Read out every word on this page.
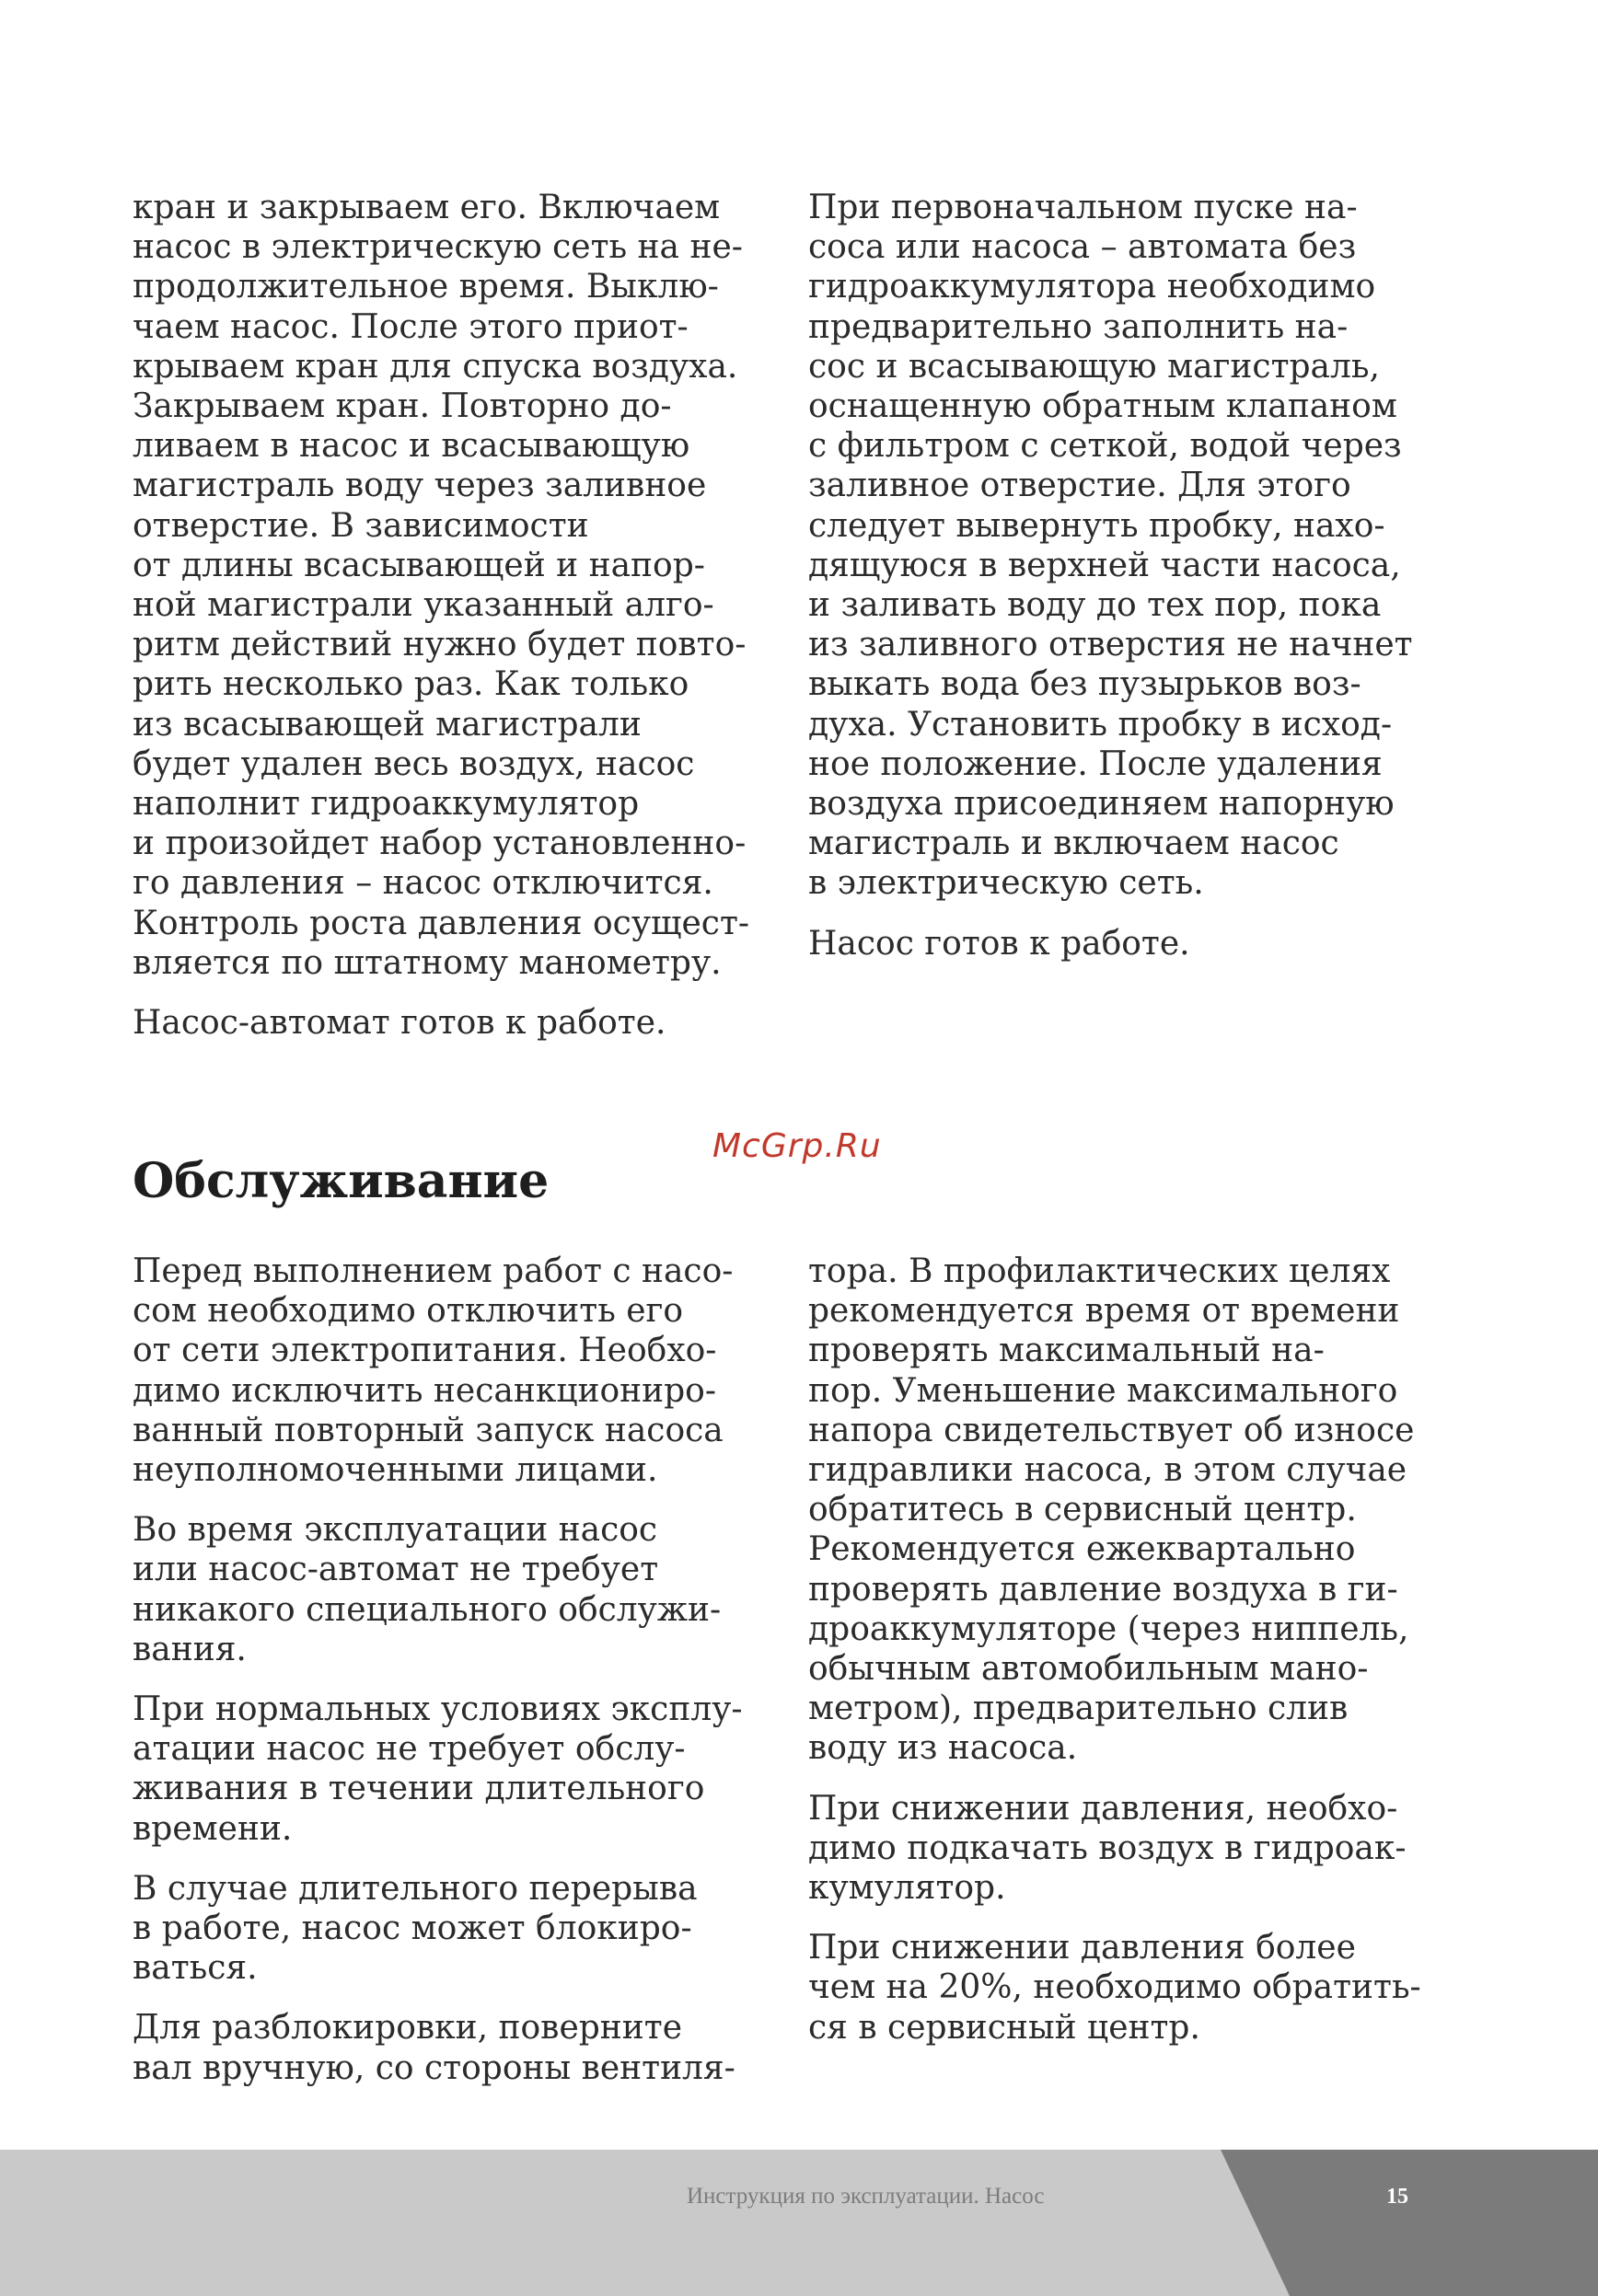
кран и закрываем его. Включаем
насос в электрическую сеть на не-
продолжительное время. Выклю-
чаем насос. После этого приот-
крываем кран для спуска воздуха.
Закрываем кран. Повторно до-
ливаем в насос и всасывающую
магистраль воду через заливное
отверстие. В зависимости
от длины всасывающей и напор-
ной магистрали указанный алго-
ритм действий нужно будет повто-
рить несколько раз. Как только
из всасывающей магистрали
будет удален весь воздух, насос
наполнит гидроаккумулятор
и произойдет набор установленно-
го давления – насос отключится.
Контроль роста давления осущест-
вляется по штатному манометру.

Насос-автомат готов к работе.

При первоначальном пуске на-
соса или насоса – автомата без
гидроаккумулятора необходимо
предварительно заполнить на-
сос и всасывающую магистраль,
оснащенную обратным клапаном
с фильтром с сеткой, водой через
заливное отверстие. Для этого
следует вывернуть пробку, нахо-
дящуюся в верхней части насоса,
и заливать воду до тех пор, пока
из заливного отверстия не начнет
выкать вода без пузырьков воз-
духа. Установить пробку в исход-
ное положение. После удаления
воздуха присоединяем напорную
магистраль и включаем насос
в электрическую сеть.

Насос готов к работе.

McGrp.Ru
Обслуживание

Перед выполнением работ с насо-
сом необходимо отключить его
от сети электропитания. Необхо-
димо исключить несанкциониро-
ванный повторный запуск насоса
неуполномоченными лицами.

Во время эксплуатации насос
или насос-автомат не требует
никакого специального обслужи-
вания.

При нормальных условиях эксплу-
атации насос не требует обслу-
живания в течении длительного
времени.

В случае длительного перерыва
в работе, насос может блокиро-
ваться.

Для разблокировки, поверните
вал вручную, со стороны вентиля-

тора. В профилактических целях
рекомендуется время от времени
проверять максимальный на-
пор. Уменьшение максимального
напора свидетельствует об износе
гидравлики насоса, в этом случае
обратитесь в сервисный центр.
Рекомендуется ежеквартально
проверять давление воздуха в ги-
дроаккумуляторе (через ниппель,
обычным автомобильным мано-
метром), предварительно слив
воду из насоса.

При снижении давления, необхо-
димо подкачать воздух в гидроак-
кумулятор.

При снижении давления более
чем на 20%, необходимо обратить-
ся в сервисный центр.

Инструкция по эксплуатации. Насос	15
